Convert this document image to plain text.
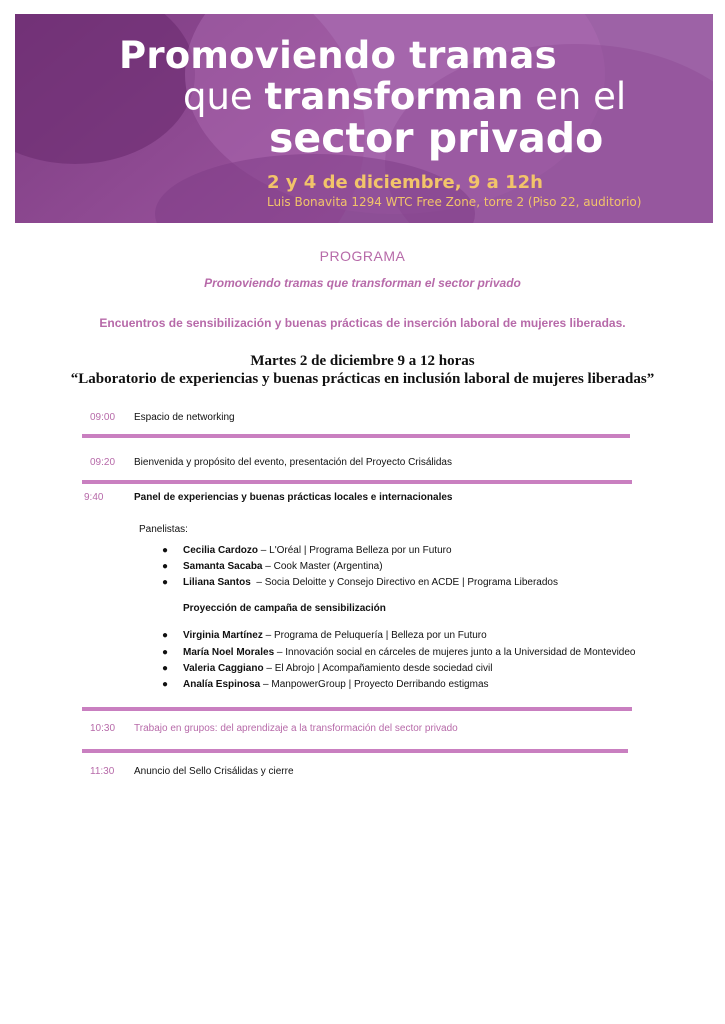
Promoviendo tramas
que transforman en el
sector privado
2 y 4 de diciembre, 9 a 12h
Luis Bonavita 1294 WTC Free Zone, torre 2 (Piso 22, auditorio)
PROGRAMA
Promoviendo tramas que transforman el sector privado
Encuentros de sensibilización y buenas prácticas de inserción laboral de mujeres liberadas.
Martes 2 de diciembre 9 a 12 horas
“Laboratorio de experiencias y buenas prácticas en inclusión laboral de mujeres liberadas”
09:00 Espacio de networking
09:20 Bienvenida y propósito del evento, presentación del Proyecto Crisálidas
9:40	Panel de experiencias y buenas prácticas locales e internacionales
Panelistas:
● Cecilia Cardozo – L'Oréal | Programa Belleza por un Futuro
● Samanta Sacaba – Cook Master (Argentina)
● Liliana Santos  – Socia Deloitte y Consejo Directivo en ACDE | Programa Liberados
Proyección de campaña de sensibilización
● Virginia Martínez – Programa de Peluquería | Belleza por un Futuro
● María Noel Morales – Innovación social en cárceles de mujeres junto a la Universidad de Montevideo
● Valeria Caggiano – El Abrojo | Acompañamiento desde sociedad civil
● Analía Espinosa – ManpowerGroup | Proyecto Derribando estigmas
10:30 Trabajo en grupos: del aprendizaje a la transformación del sector privado
11:30 Anuncio del Sello Crisálidas y cierre
